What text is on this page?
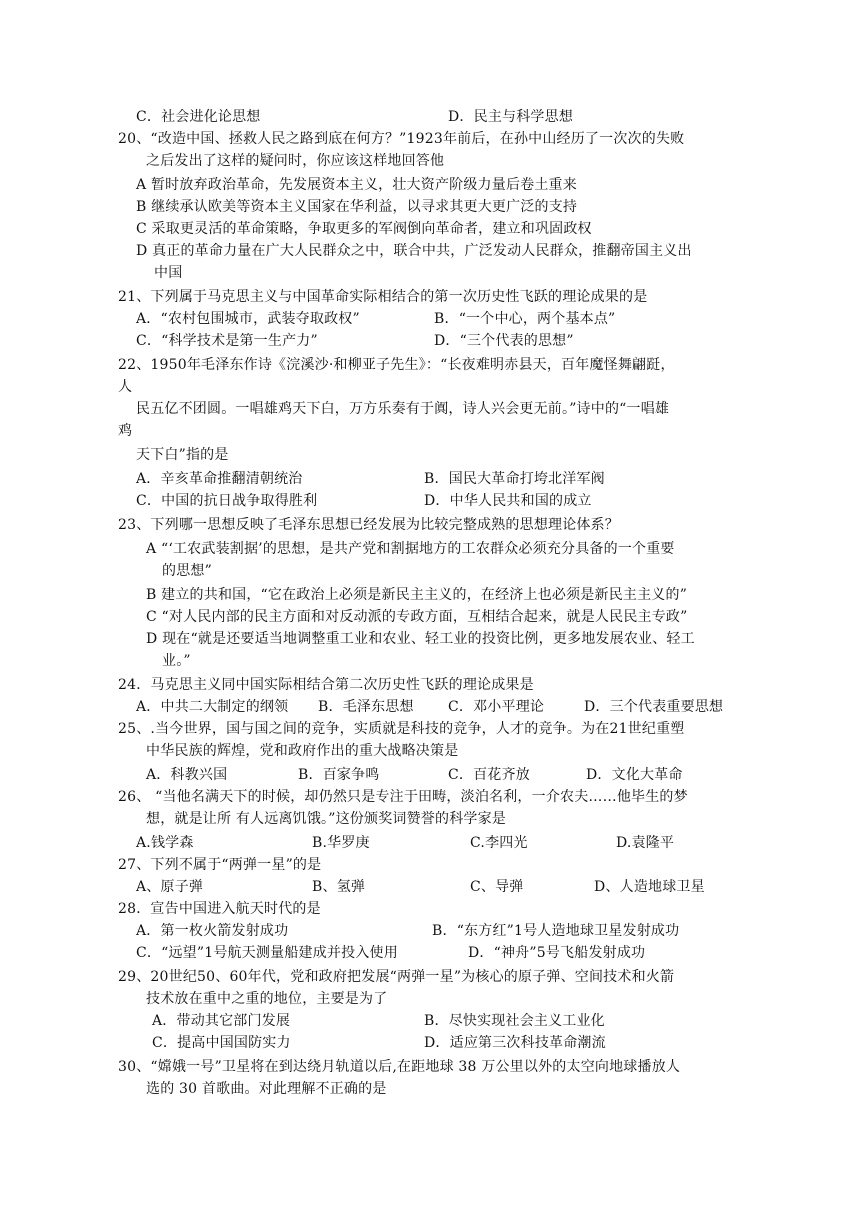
C．社会进化论思想	D．民主与科学思想
20、“改造中国、拯救人民之路到底在何方？”1923年前后，在孙中山经历了一次次的失败
之后发出了这样的疑问时，你应该这样地回答他
A 暂时放弃政治革命，先发展资本主义，壮大资产阶级力量后卷土重来
B 继续承认欧美等资本主义国家在华利益，以寻求其更大更广泛的支持
C 采取更灵活的革命策略，争取更多的军阀倒向革命者，建立和巩固政权
D 真正的革命力量在广大人民群众之中，联合中共，广泛发动人民群众，推翻帝国主义出
中国
21、下列属于马克思主义与中国革命实际相结合的第一次历史性飞跃的理论成果的是
A．“农村包围城市，武装夺取政权”	B．“一个中心，两个基本点”
C．“科学技术是第一生产力”	D．“三个代表的思想”
22、1950年毛泽东作诗《浣溪沙·和柳亚子先生》：“长夜难明赤县天，百年魔怪舞翩跹，
人
民五亿不团圆。一唱雄鸡天下白，万方乐奏有于阗，诗人兴会更无前。”诗中的“一唱雄
鸡
天下白”指的是
A．辛亥革命推翻清朝统治	B．国民大革命打垮北洋军阀
C．中国的抗日战争取得胜利	D．中华人民共和国的成立
23、下列哪一思想反映了毛泽东思想已经发展为比较完整成熟的思想理论体系？
A “‘工农武装割据’的思想，是共产党和割据地方的工农群众必须充分具备的一个重要
的思想”
B 建立的共和国，“它在政治上必须是新民主主义的，在经济上也必须是新民主主义的”
C “对人民内部的民主方面和对反动派的专政方面，互相结合起来，就是人民民主专政”
D 现在“就是还要适当地调整重工业和农业、轻工业的投资比例，更多地发展农业、轻工
业。”
24．马克思主义同中国实际相结合第二次历史性飞跃的理论成果是
A．中共二大制定的纲领 B．毛泽东思想 C．邓小平理论	D．三个代表重要思想
25、.当今世界，国与国之间的竞争，实质就是科技的竞争，人才的竞争。为在21世纪重塑
中华民族的辉煌，党和政府作出的重大战略决策是
A．科教兴国	B．百家争鸣	C．百花齐放	D．文化大革命
26、 “当他名满天下的时候，却仍然只是专注于田畴，淡泊名利，一介农夫……他毕生的梦
想，就是让所 有人远离饥饿。”这份颁奖词赞誉的科学家是
A.钱学森	B.华罗庚	C.李四光	D.袁隆平
27、下列不属于“两弹一星”的是
A、原子弹	B、氢弹	C、导弹	D、人造地球卫星
28．宣告中国进入航天时代的是
A．第一枚火箭发射成功	B．“东方红”1号人造地球卫星发射成功
C．“远望”1号航天测量船建成并投入使用	D．“神舟”5号飞船发射成功
29、20世纪50、60年代，党和政府把发展“两弹一星”为核心的原子弹、空间技术和火箭
技术放在重中之重的地位，主要是为了
A．带动其它部门发展	B．尽快实现社会主义工业化
C．提高中国国防实力	D．适应第三次科技革命潮流
30、“嫦娥一号”卫星将在到达绕月轨道以后,在距地球 38 万公里以外的太空向地球播放人
选的 30 首歌曲。对此理解不正确的是
